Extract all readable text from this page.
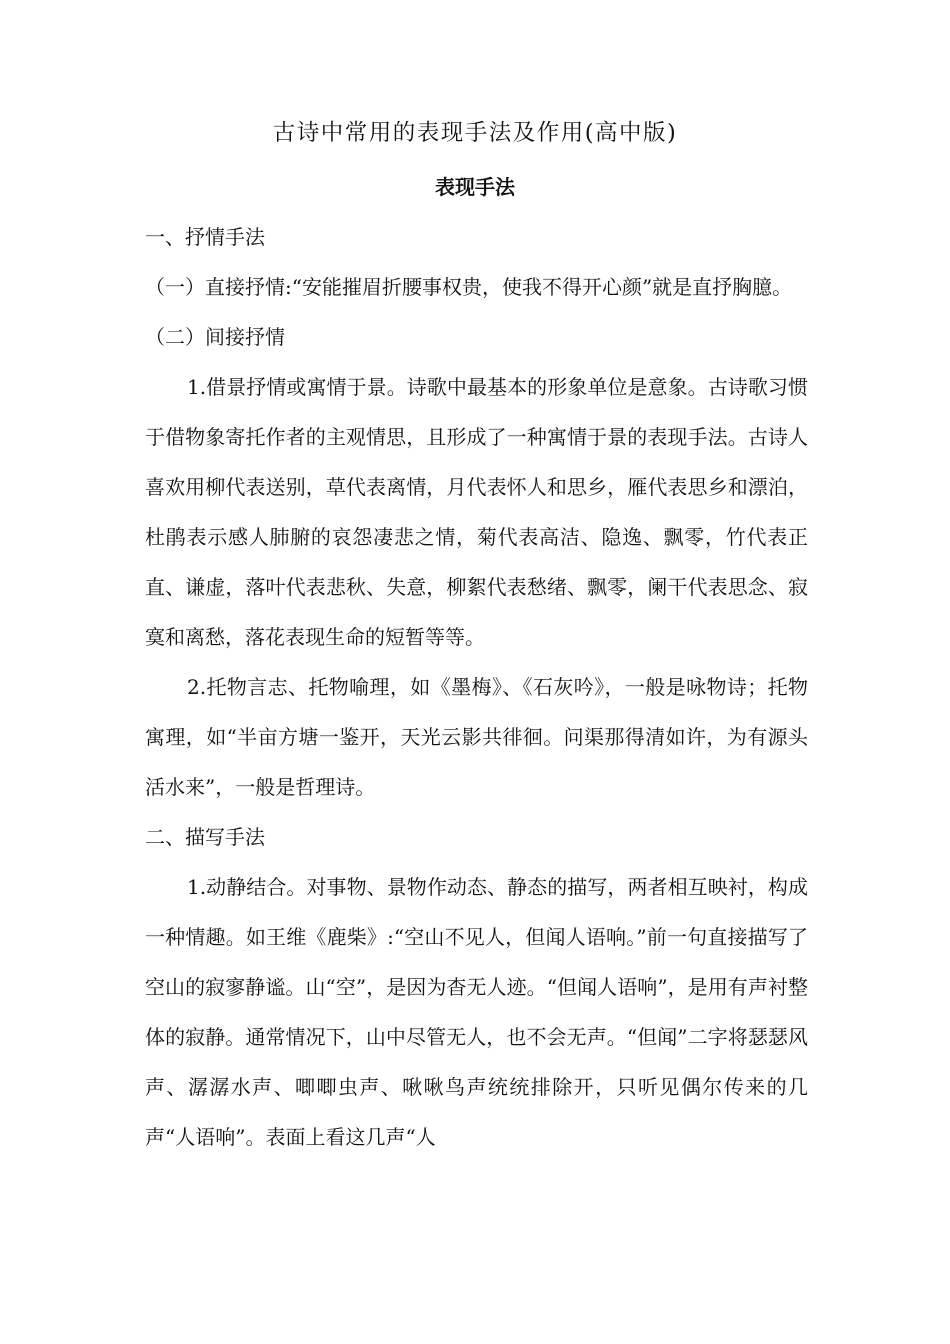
古诗中常用的表现手法及作用(高中版)
表现手法

一、抒情手法

（一）直接抒情:“安能摧眉折腰事权贵，使我不得开心颜”就是直抒胸臆。

（二）间接抒情

1.借景抒情或寓情于景。诗歌中最基本的形象单位是意象。古诗歌习惯于借物象寄托作者的主观情思，且形成了一种寓情于景的表现手法。古诗人喜欢用柳代表送别，草代表离情，月代表怀人和思乡，雁代表思乡和漂泊，杜鹃表示感人肺腑的哀怨凄悲之情，菊代表高洁、隐逸、飘零，竹代表正直、谦虚，落叶代表悲秋、失意，柳絮代表愁绪、飘零，阑干代表思念、寂寞和离愁，落花表现生命的短暂等等。

2.托物言志、托物喻理，如《墨梅》、《石灰吟》，一般是咏物诗；托物寓理，如“半亩方塘一鉴开，天光云影共徘徊。问渠那得清如许，为有源头活水来”，一般是哲理诗。

二、描写手法

1.动静结合。对事物、景物作动态、静态的描写，两者相互映衬，构成一种情趣。如王维《鹿柴》:“空山不见人，但闻人语响。”前一句直接描写了空山的寂寥静谧。山“空”，是因为杳无人迹。“但闻人语响”，是用有声衬整体的寂静。通常情况下，山中尽管无人，也不会无声。“但闻”二字将瑟瑟风声、潺潺水声、唧唧虫声、啾啾鸟声统统排除开，只听见偶尔传来的几声“人语响”。表面上看这几声“人
